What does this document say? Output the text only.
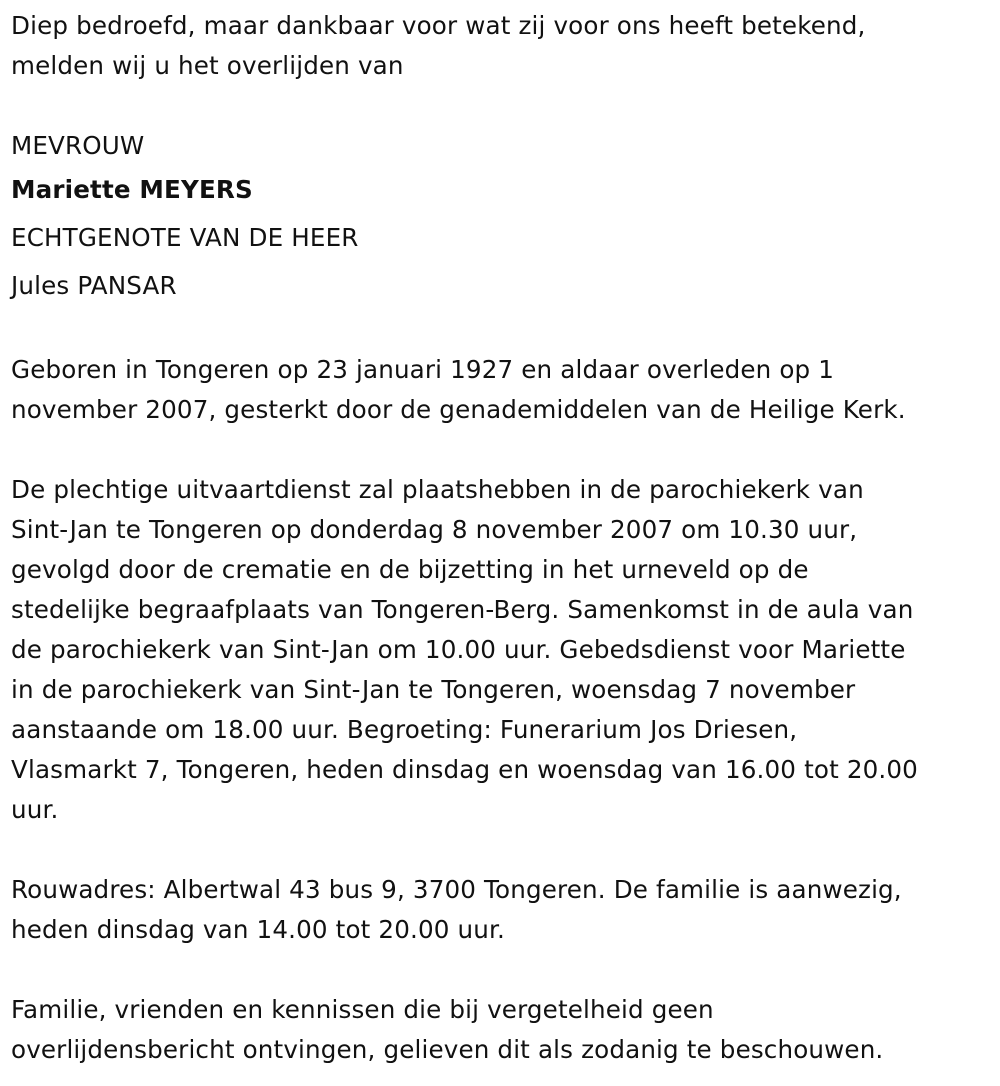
Diep bedroefd, maar dankbaar voor wat zij voor ons heeft betekend,
melden wij u het overlijden van
MEVROUW
Mariette MEYERS
ECHTGENOTE VAN DE HEER
Jules PANSAR
Geboren in Tongeren op 23 januari 1927 en aldaar overleden op 1
november 2007, gesterkt door de genademiddelen van de Heilige Kerk.
De plechtige uitvaartdienst zal plaatshebben in de parochiekerk van
Sint-Jan te Tongeren op donderdag 8 november 2007 om 10.30 uur,
gevolgd door de crematie en de bijzetting in het urneveld op de
stedelijke begraafplaats van Tongeren-Berg. Samenkomst in de aula van
de parochiekerk van Sint-Jan om 10.00 uur. Gebedsdienst voor Mariette
in de parochiekerk van Sint-Jan te Tongeren, woensdag 7 november
aanstaande om 18.00 uur. Begroeting: Funerarium Jos Driesen,
Vlasmarkt 7, Tongeren, heden dinsdag en woensdag van 16.00 tot 20.00
uur.
Rouwadres: Albertwal 43 bus 9, 3700 Tongeren. De familie is aanwezig,
heden dinsdag van 14.00 tot 20.00 uur.
Familie, vrienden en kennissen die bij vergetelheid geen
overlijdensbericht ontvingen, gelieven dit als zodanig te beschouwen.
